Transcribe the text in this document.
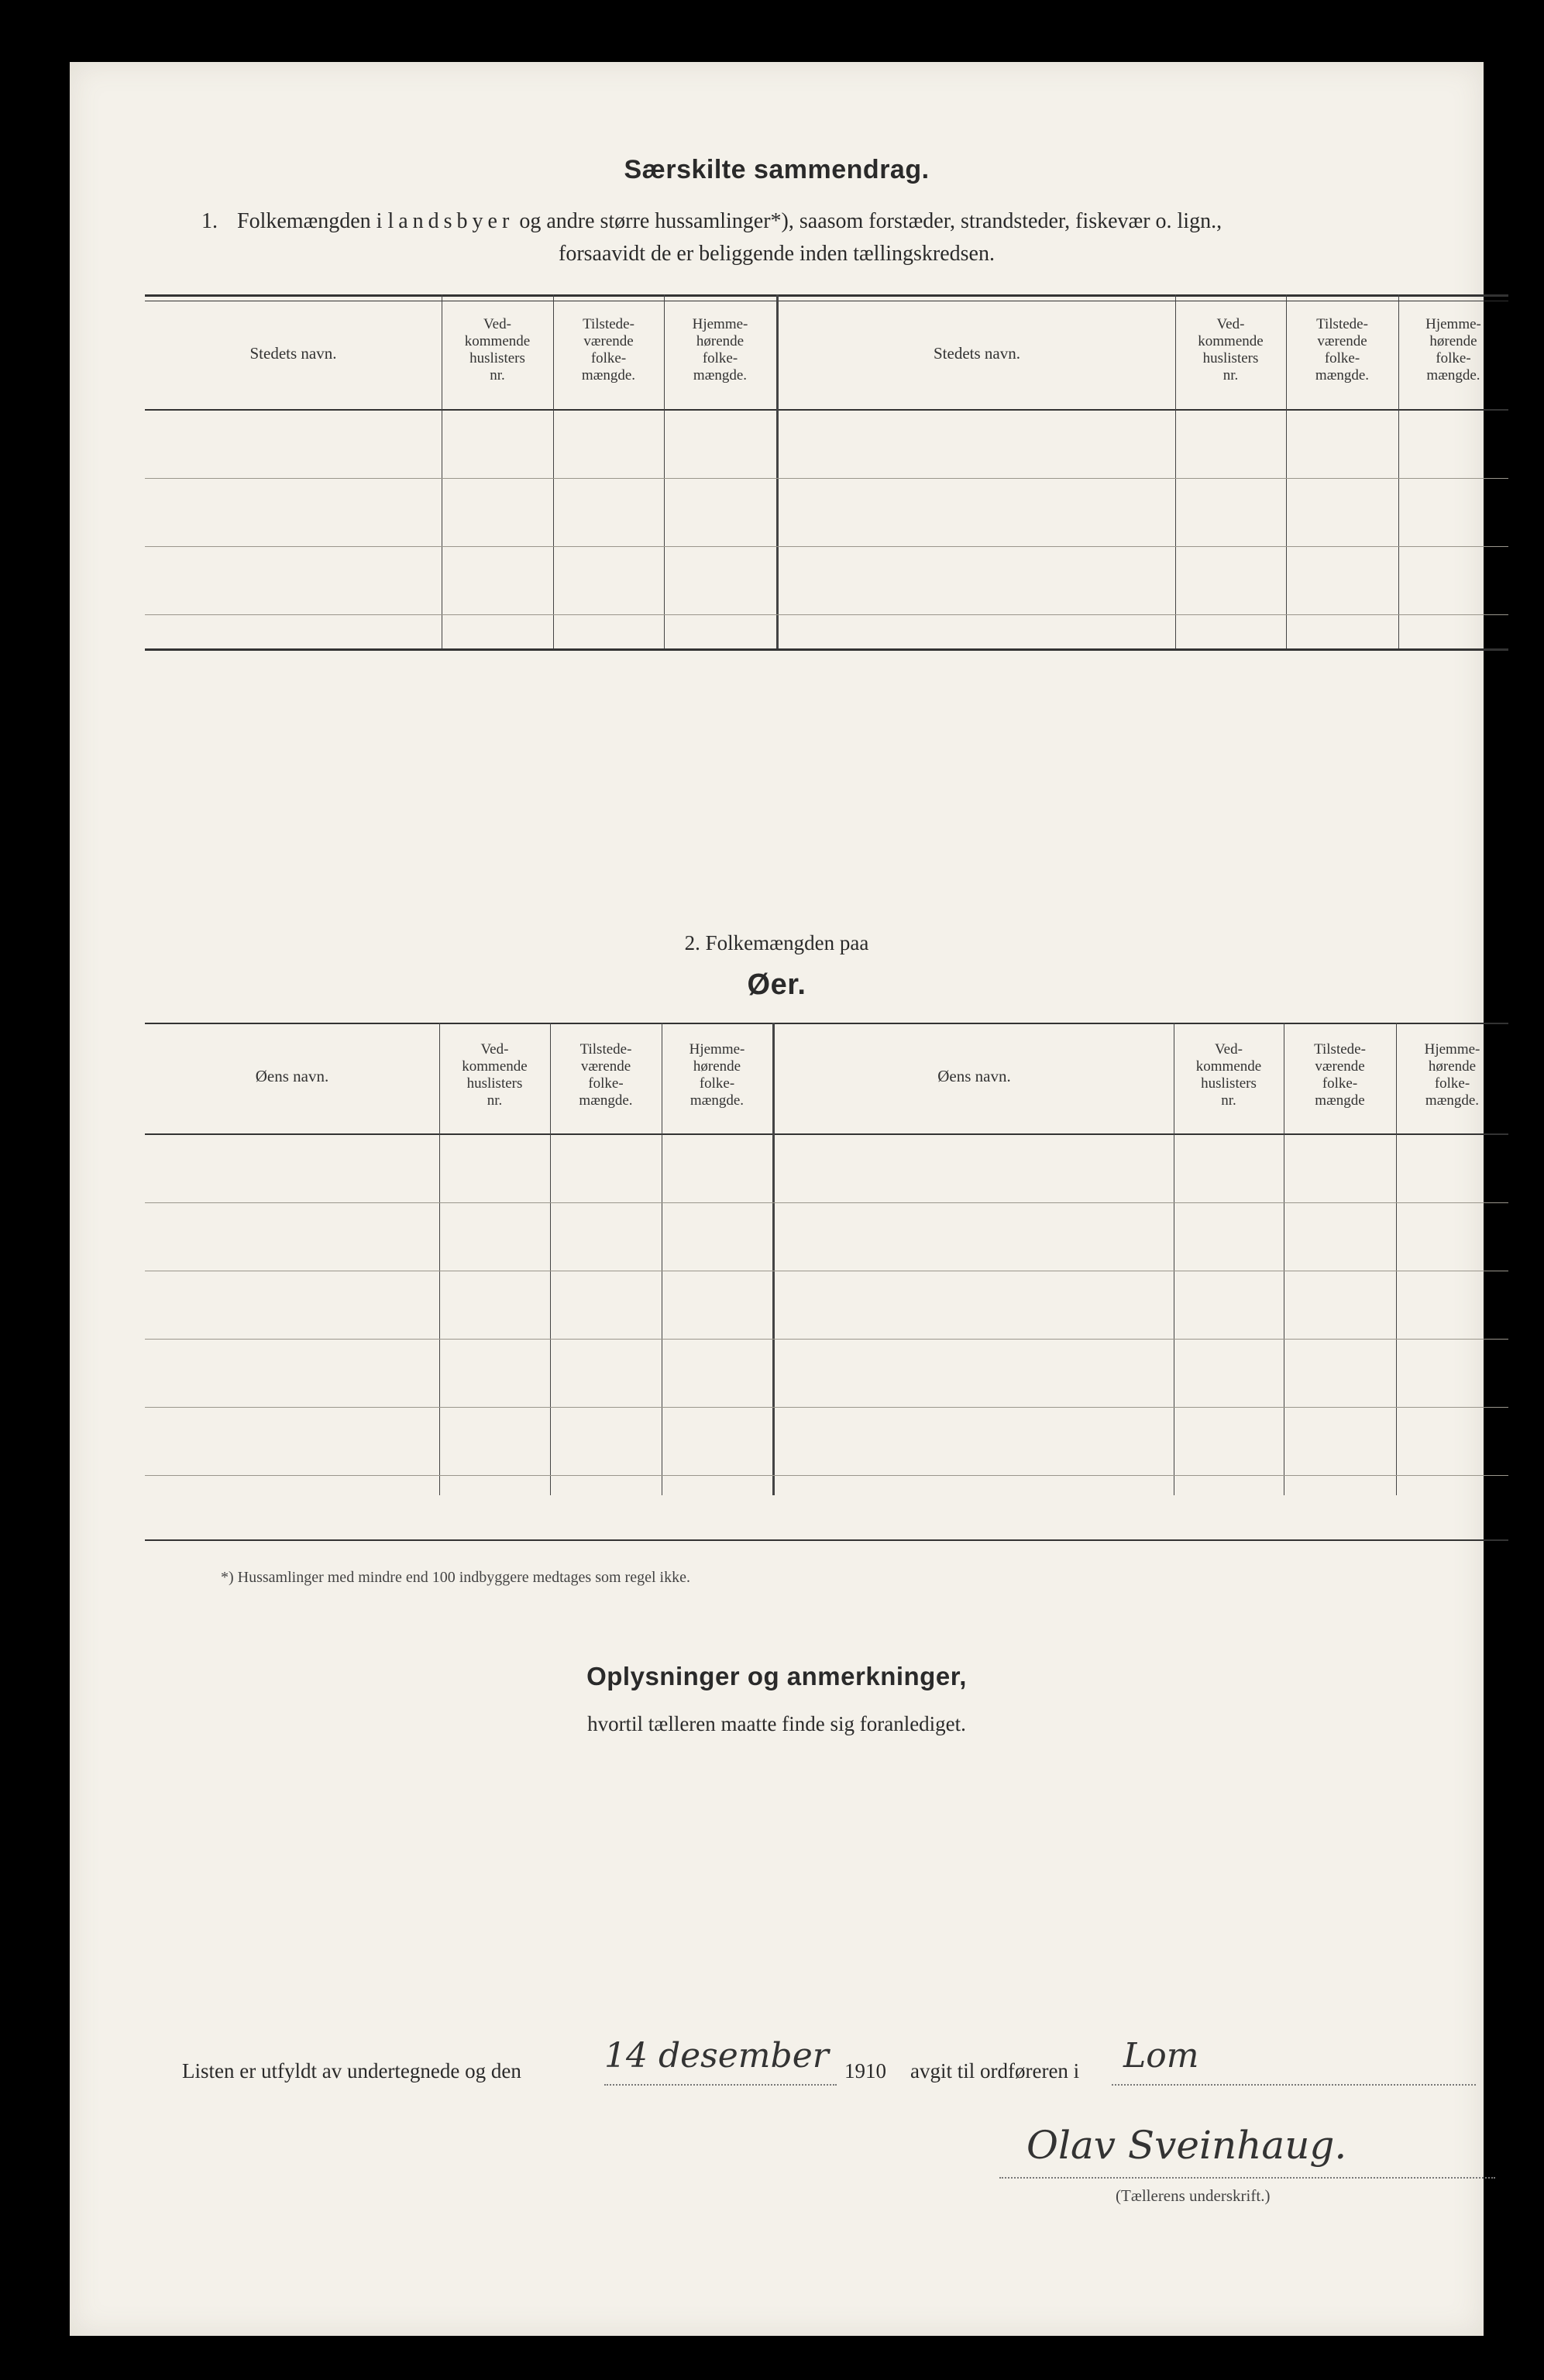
Særskilte sammendrag.
1. Folkemængden i landsbyer og andre større hussamlinger*), saasom forstæder, strandsteder, fiskevær o. lign.,
forsaavidt de er beliggende inden tællingskredsen.
Stedets navn.
Ved-
kommende
huslisters
nr.
Tilstede-
værende
folke-
mængde.
Hjemme-
hørende
folke-
mængde.
Stedets navn.
Ved-
kommende
huslisters
nr.
Tilstede-
værende
folke-
mængde.
Hjemme-
hørende
folke-
mængde.
2. Folkemængden paa
Øer.
Øens navn.
Ved-
kommende
huslisters
nr.
Tilstede-
værende
folke-
mængde.
Hjemme-
hørende
folke-
mængde.
Øens navn.
Ved-
kommende
huslisters
nr.
Tilstede-
værende
folke-
mængde
Hjemme-
hørende
folke-
mængde.
*) Hussamlinger med mindre end 100 indbyggere medtages som regel ikke.
Oplysninger og anmerkninger,
hvortil tælleren maatte finde sig foranlediget.
Listen er utfyldt av undertegnede og den 14 desember 1910 avgit til ordføreren i Lom
Olav Sveinhaug.
(Tællerens underskrift.)
